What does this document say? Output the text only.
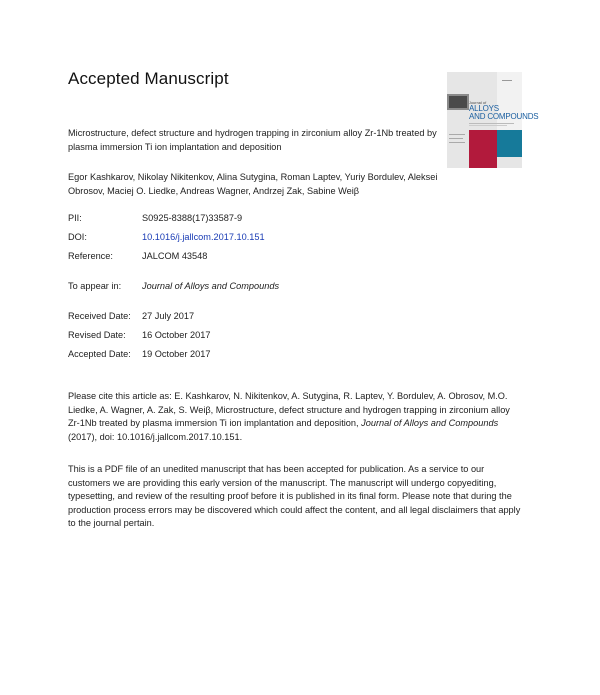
Accepted Manuscript
Journal of
ALLOYS
AND COMPOUNDS
Microstructure, defect structure and hydrogen trapping in zirconium alloy Zr-1Nb treated by plasma immersion Ti ion implantation and deposition
Egor Kashkarov, Nikolay Nikitenkov, Alina Sutygina, Roman Laptev, Yuriy Bordulev, Aleksei Obrosov, Maciej O. Liedke, Andreas Wagner, Andrzej Zak, Sabine Weiβ
PII:	S0925-8388(17)33587-9
DOI:	10.1016/j.jallcom.2017.10.151
Reference:	JALCOM 43548
To appear in: Journal of Alloys and Compounds
Received Date: 27 July 2017
Revised Date: 16 October 2017
Accepted Date: 19 October 2017
Please cite this article as: E. Kashkarov, N. Nikitenkov, A. Sutygina, R. Laptev, Y. Bordulev, A. Obrosov, M.O. Liedke, A. Wagner, A. Zak, S. Weiβ, Microstructure, defect structure and hydrogen trapping in zirconium alloy Zr-1Nb treated by plasma immersion Ti ion implantation and deposition, Journal of Alloys and Compounds (2017), doi: 10.1016/j.jallcom.2017.10.151.
This is a PDF file of an unedited manuscript that has been accepted for publication. As a service to our customers we are providing this early version of the manuscript. The manuscript will undergo copyediting, typesetting, and review of the resulting proof before it is published in its final form. Please note that during the production process errors may be discovered which could affect the content, and all legal disclaimers that apply to the journal pertain.
